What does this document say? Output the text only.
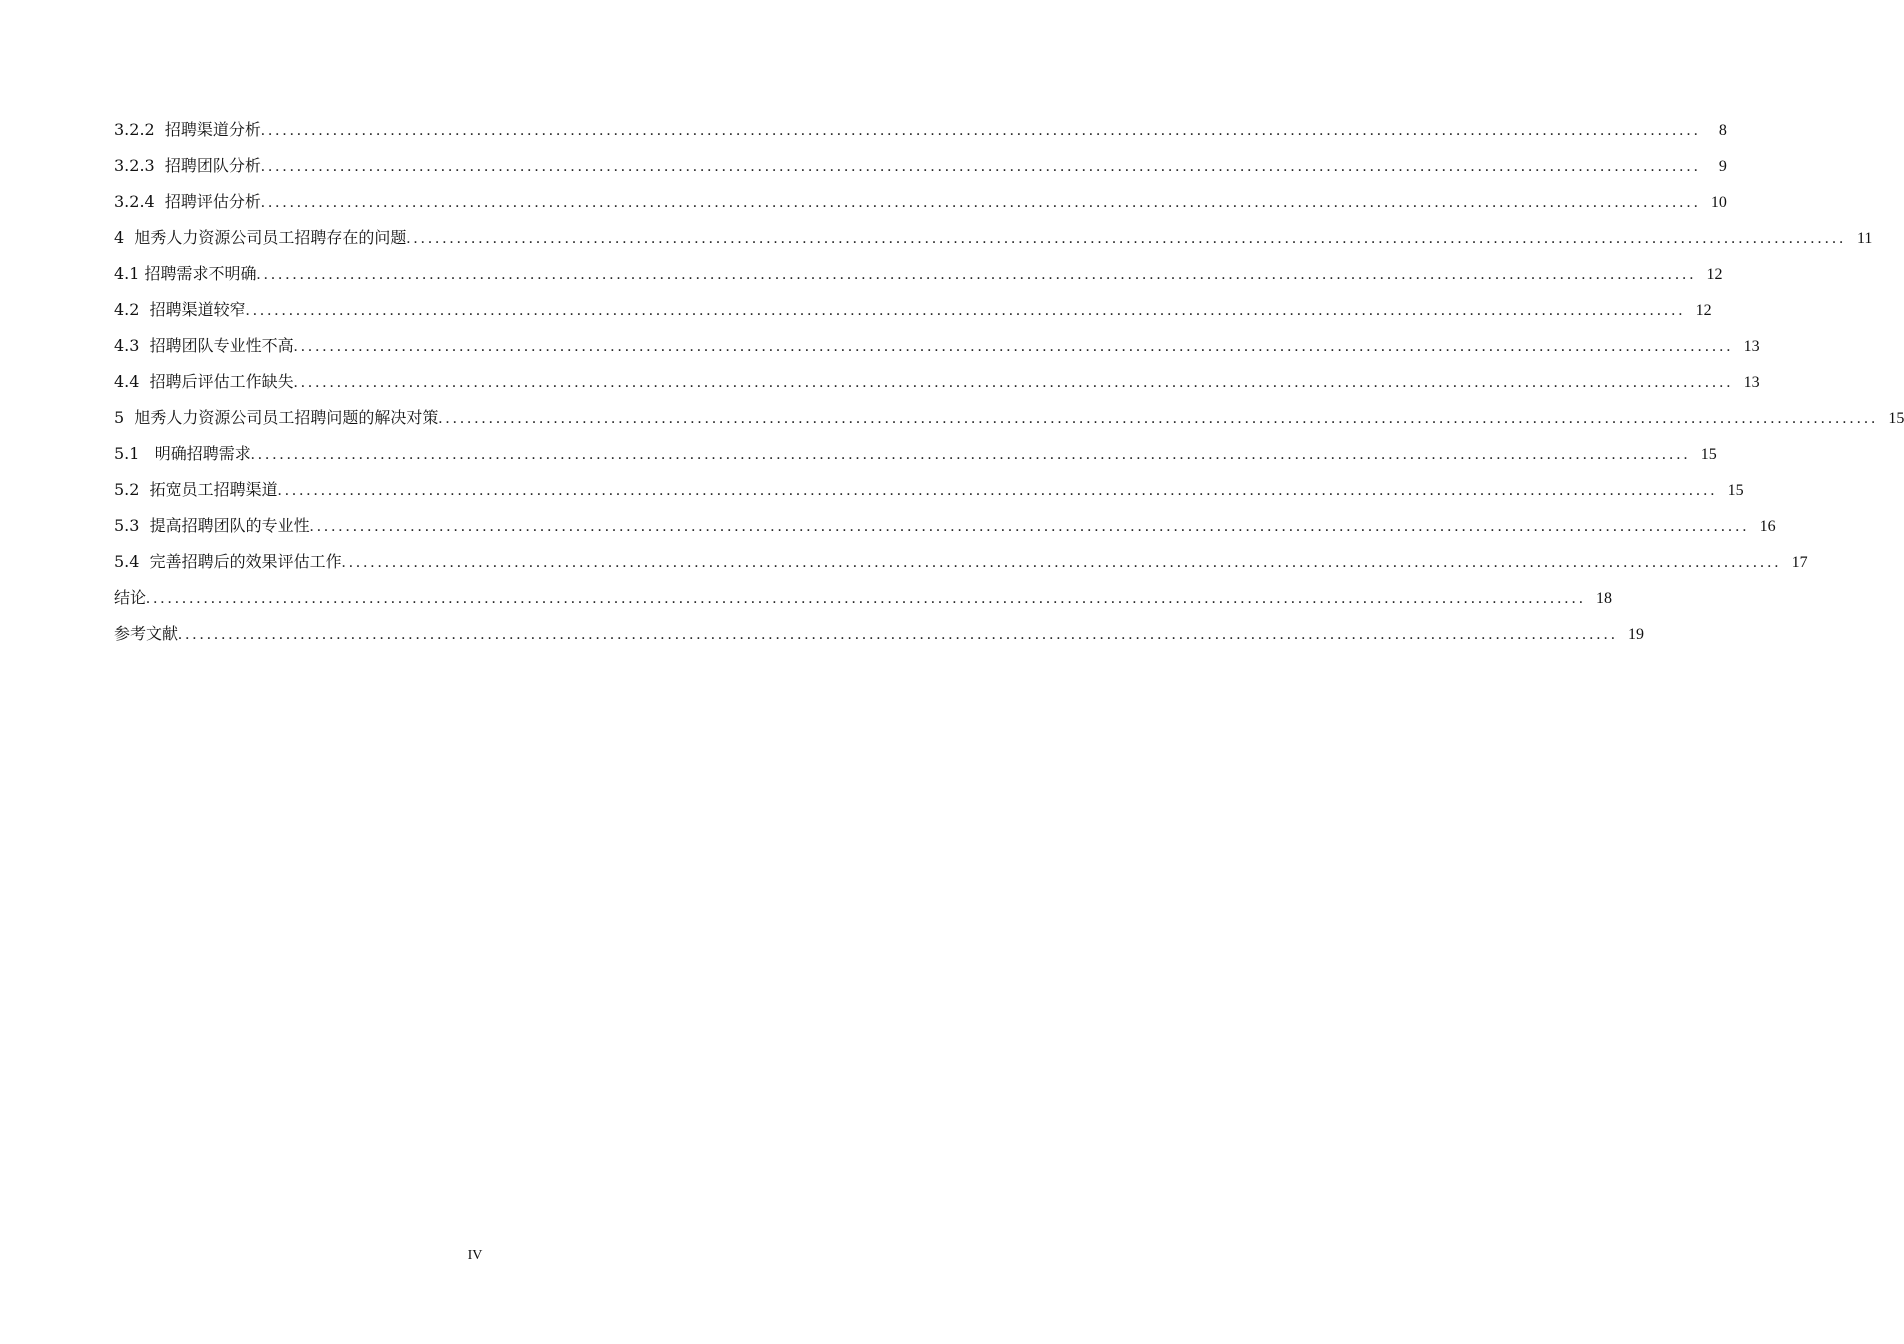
3.2.2  招聘渠道分析 ........................................................................................................................................................................................................	8
3.2.3  招聘团队分析 ........................................................................................................................................................................................................	9
3.2.4  招聘评估分析 ........................................................................................................................................................................................................ 10
4  旭秀人力资源公司员工招聘存在的问题 ........................................................................................................................................................................................................ 11
4.1 招聘需求不明确 ........................................................................................................................................................................................................ 12
4.2  招聘渠道较窄 ........................................................................................................................................................................................................ 12
4.3  招聘团队专业性不高 ........................................................................................................................................................................................................ 13
4.4  招聘后评估工作缺失 ........................................................................................................................................................................................................ 13
5  旭秀人力资源公司员工招聘问题的解决对策 ........................................................................................................................................................................................................ 15
5.1   明确招聘需求 ........................................................................................................................................................................................................ 15
5.2  拓宽员工招聘渠道 ........................................................................................................................................................................................................ 15
5.3  提高招聘团队的专业性 ........................................................................................................................................................................................................ 16
5.4  完善招聘后的效果评估工作 ........................................................................................................................................................................................................ 17
结论 ........................................................................................................................................................................................................ 18
参考文献 ........................................................................................................................................................................................................ 19
IV
